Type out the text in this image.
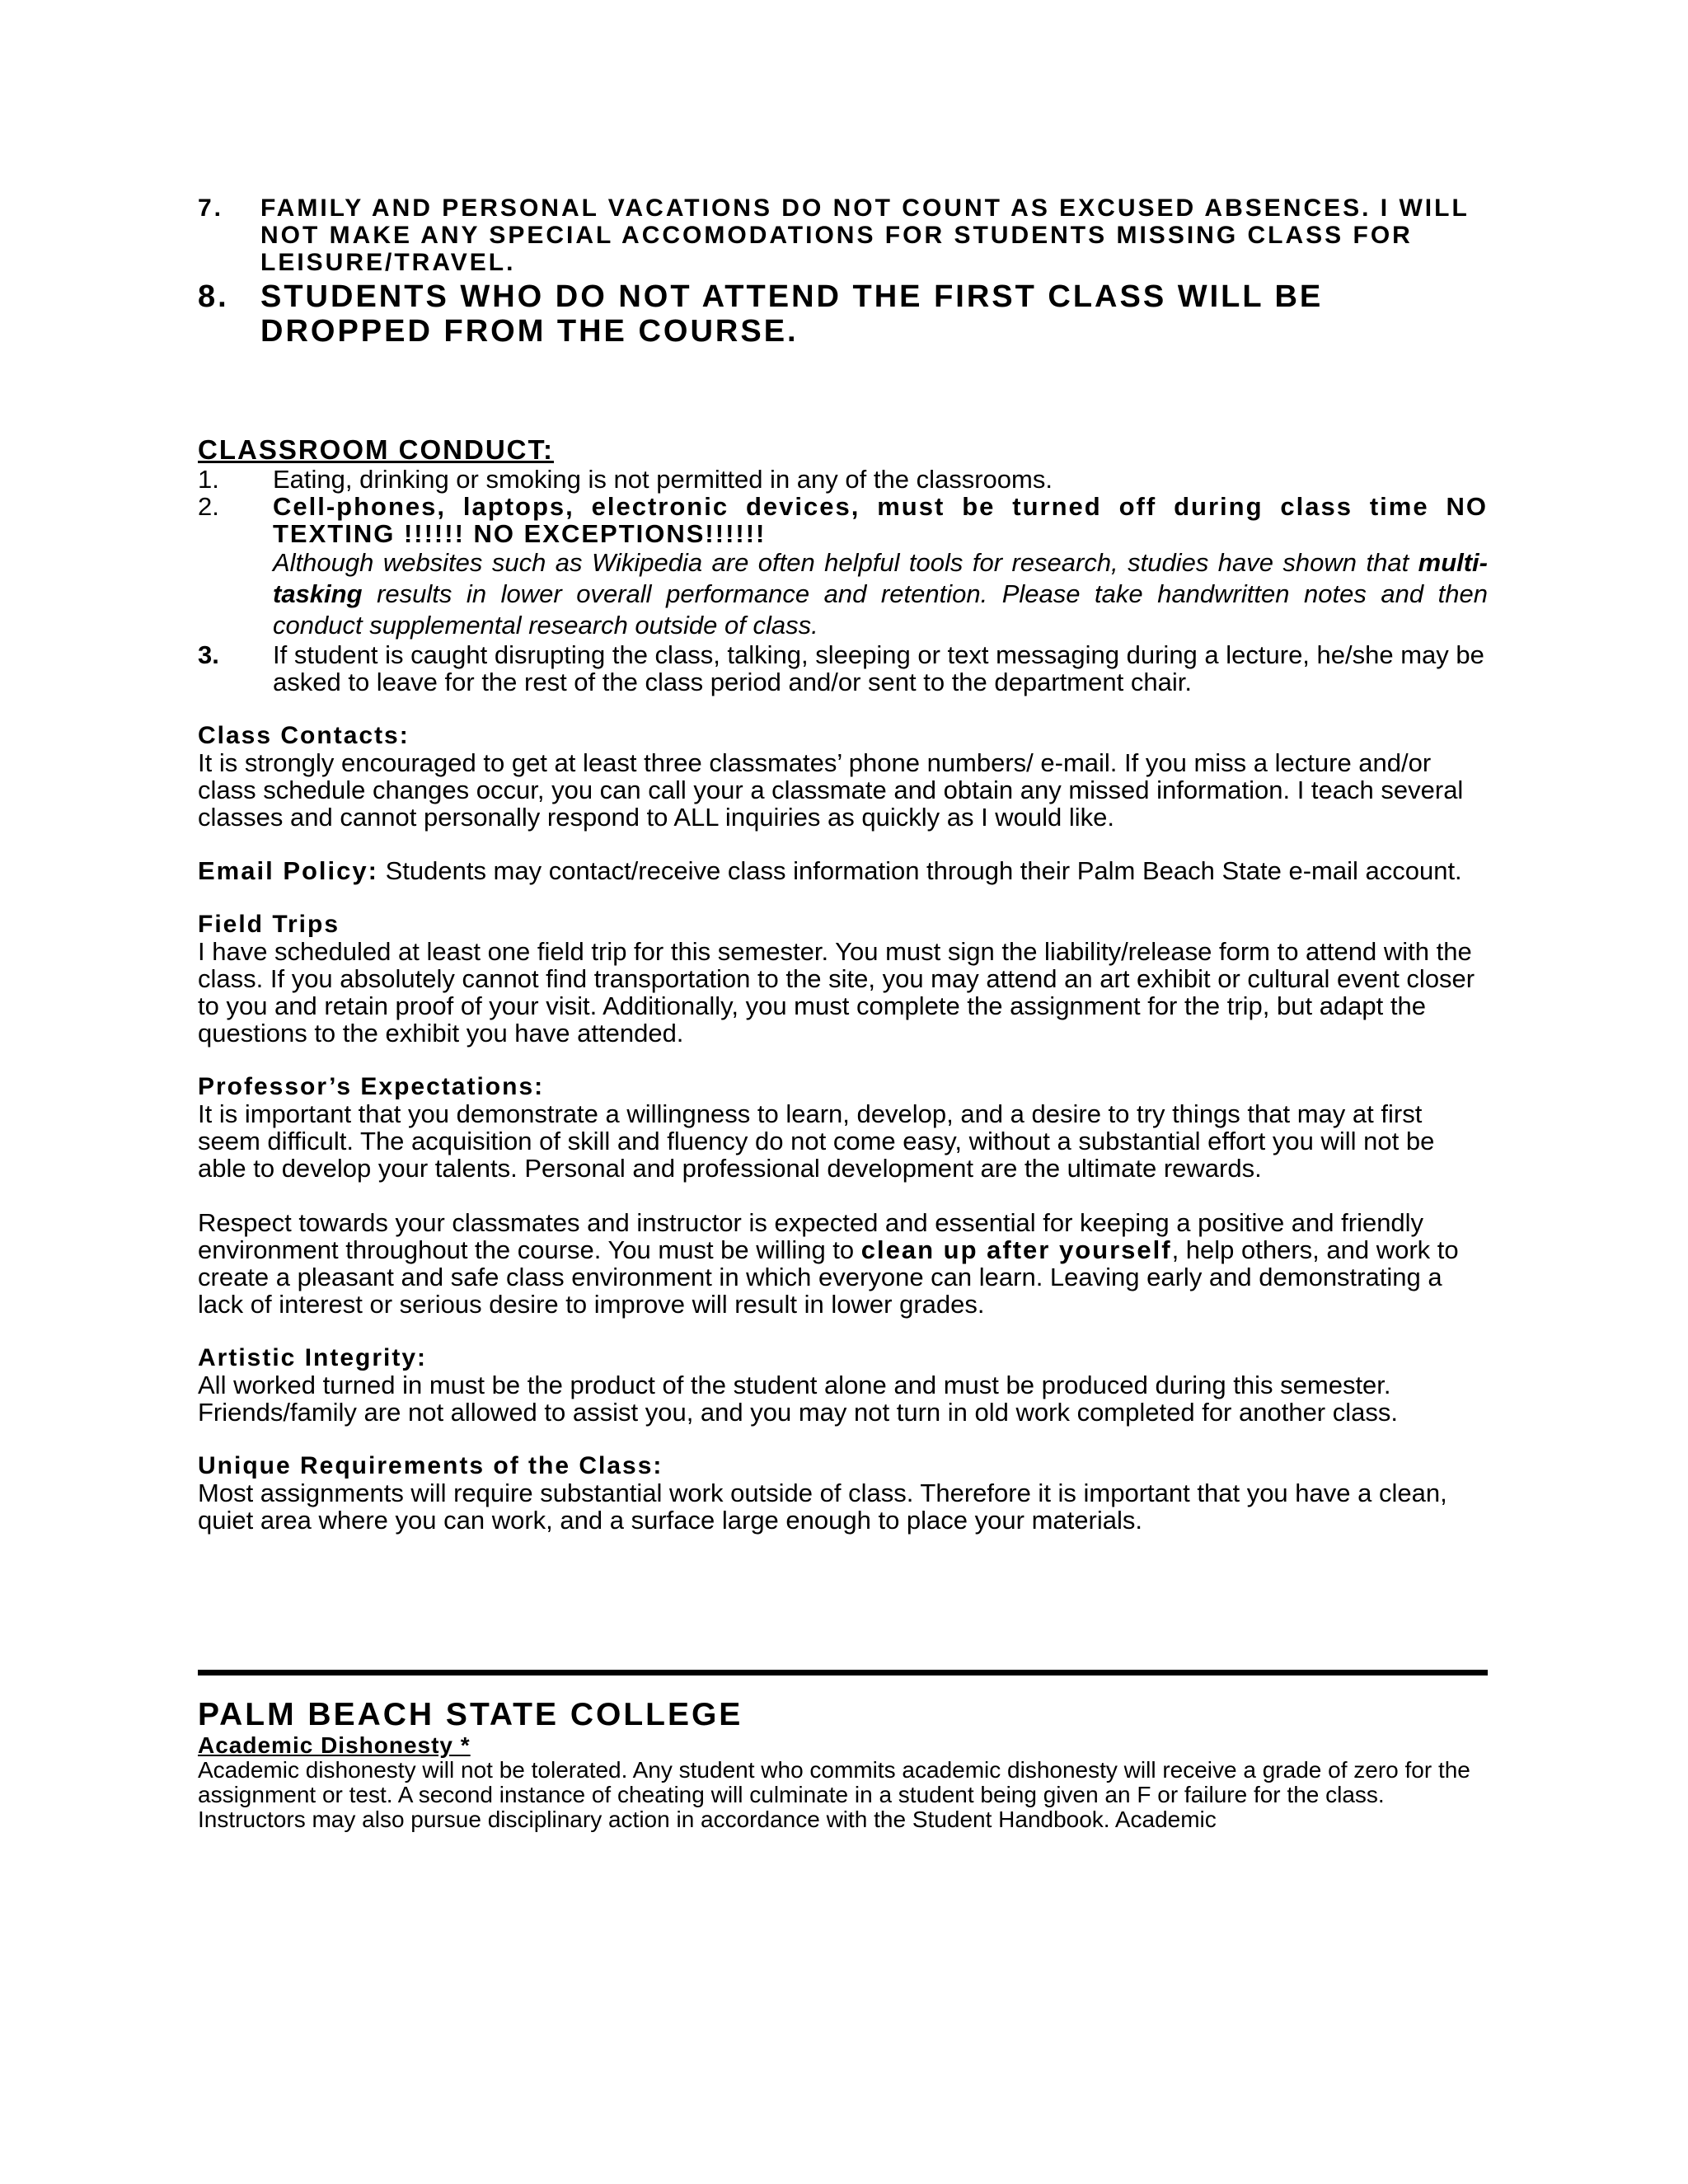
7.	FAMILY AND PERSONAL VACATIONS DO NOT COUNT AS EXCUSED ABSENCES. I WILL NOT MAKE ANY SPECIAL ACCOMODATIONS FOR STUDENTS MISSING CLASS FOR LEISURE/TRAVEL.
8.	STUDENTS WHO DO NOT ATTEND THE FIRST CLASS WILL BE DROPPED FROM THE COURSE.
CLASSROOM CONDUCT:
1.	Eating, drinking or smoking is not permitted in any of the classrooms.
2.	Cell-phones, laptops, electronic devices, must be turned off during class time NO TEXTING !!!!!! NO EXCEPTIONS!!!!!!
Although websites such as Wikipedia are often helpful tools for research, studies have shown that multi-tasking results in lower overall performance and retention. Please take handwritten notes and then conduct supplemental research outside of class.
3.	If student is caught disrupting the class, talking, sleeping or text messaging during a lecture, he/she may be asked to leave for the rest of the class period and/or sent to the department chair.
Class Contacts:
It is strongly encouraged to get at least three classmates’ phone numbers/ e-mail. If you miss a lecture and/or class schedule changes occur, you can call your a classmate and obtain any missed information. I teach several classes and cannot personally respond to ALL inquiries as quickly as I would like.
Email Policy: Students may contact/receive class information through their Palm Beach State e-mail account.
Field Trips
I have scheduled at least one field trip for this semester. You must sign the liability/release form to attend with the class. If you absolutely cannot find transportation to the site, you may attend an art exhibit or cultural event closer to you and retain proof of your visit. Additionally, you must complete the assignment for the trip, but adapt the questions to the exhibit you have attended.
Professor’s Expectations:
It is important that you demonstrate a willingness to learn, develop, and a desire to try things that may at first seem difficult. The acquisition of skill and fluency do not come easy, without a substantial effort you will not be able to develop your talents. Personal and professional development are the ultimate rewards.
Respect towards your classmates and instructor is expected and essential for keeping a positive and friendly environment throughout the course. You must be willing to clean up after yourself, help others, and work to create a pleasant and safe class environment in which everyone can learn. Leaving early and demonstrating a lack of interest or serious desire to improve will result in lower grades.
Artistic Integrity:
All worked turned in must be the product of the student alone and must be produced during this semester. Friends/family are not allowed to assist you, and you may not turn in old work completed for another class.
Unique Requirements of the Class:
Most assignments will require substantial work outside of class. Therefore it is important that you have a clean, quiet area where you can work, and a surface large enough to place your materials.
PALM BEACH STATE COLLEGE
Academic Dishonesty *
Academic dishonesty will not be tolerated. Any student who commits academic dishonesty will receive a grade of zero for the assignment or test. A second instance of cheating will culminate in a student being given an F or failure for the class. Instructors may also pursue disciplinary action in accordance with the Student Handbook. Academic
